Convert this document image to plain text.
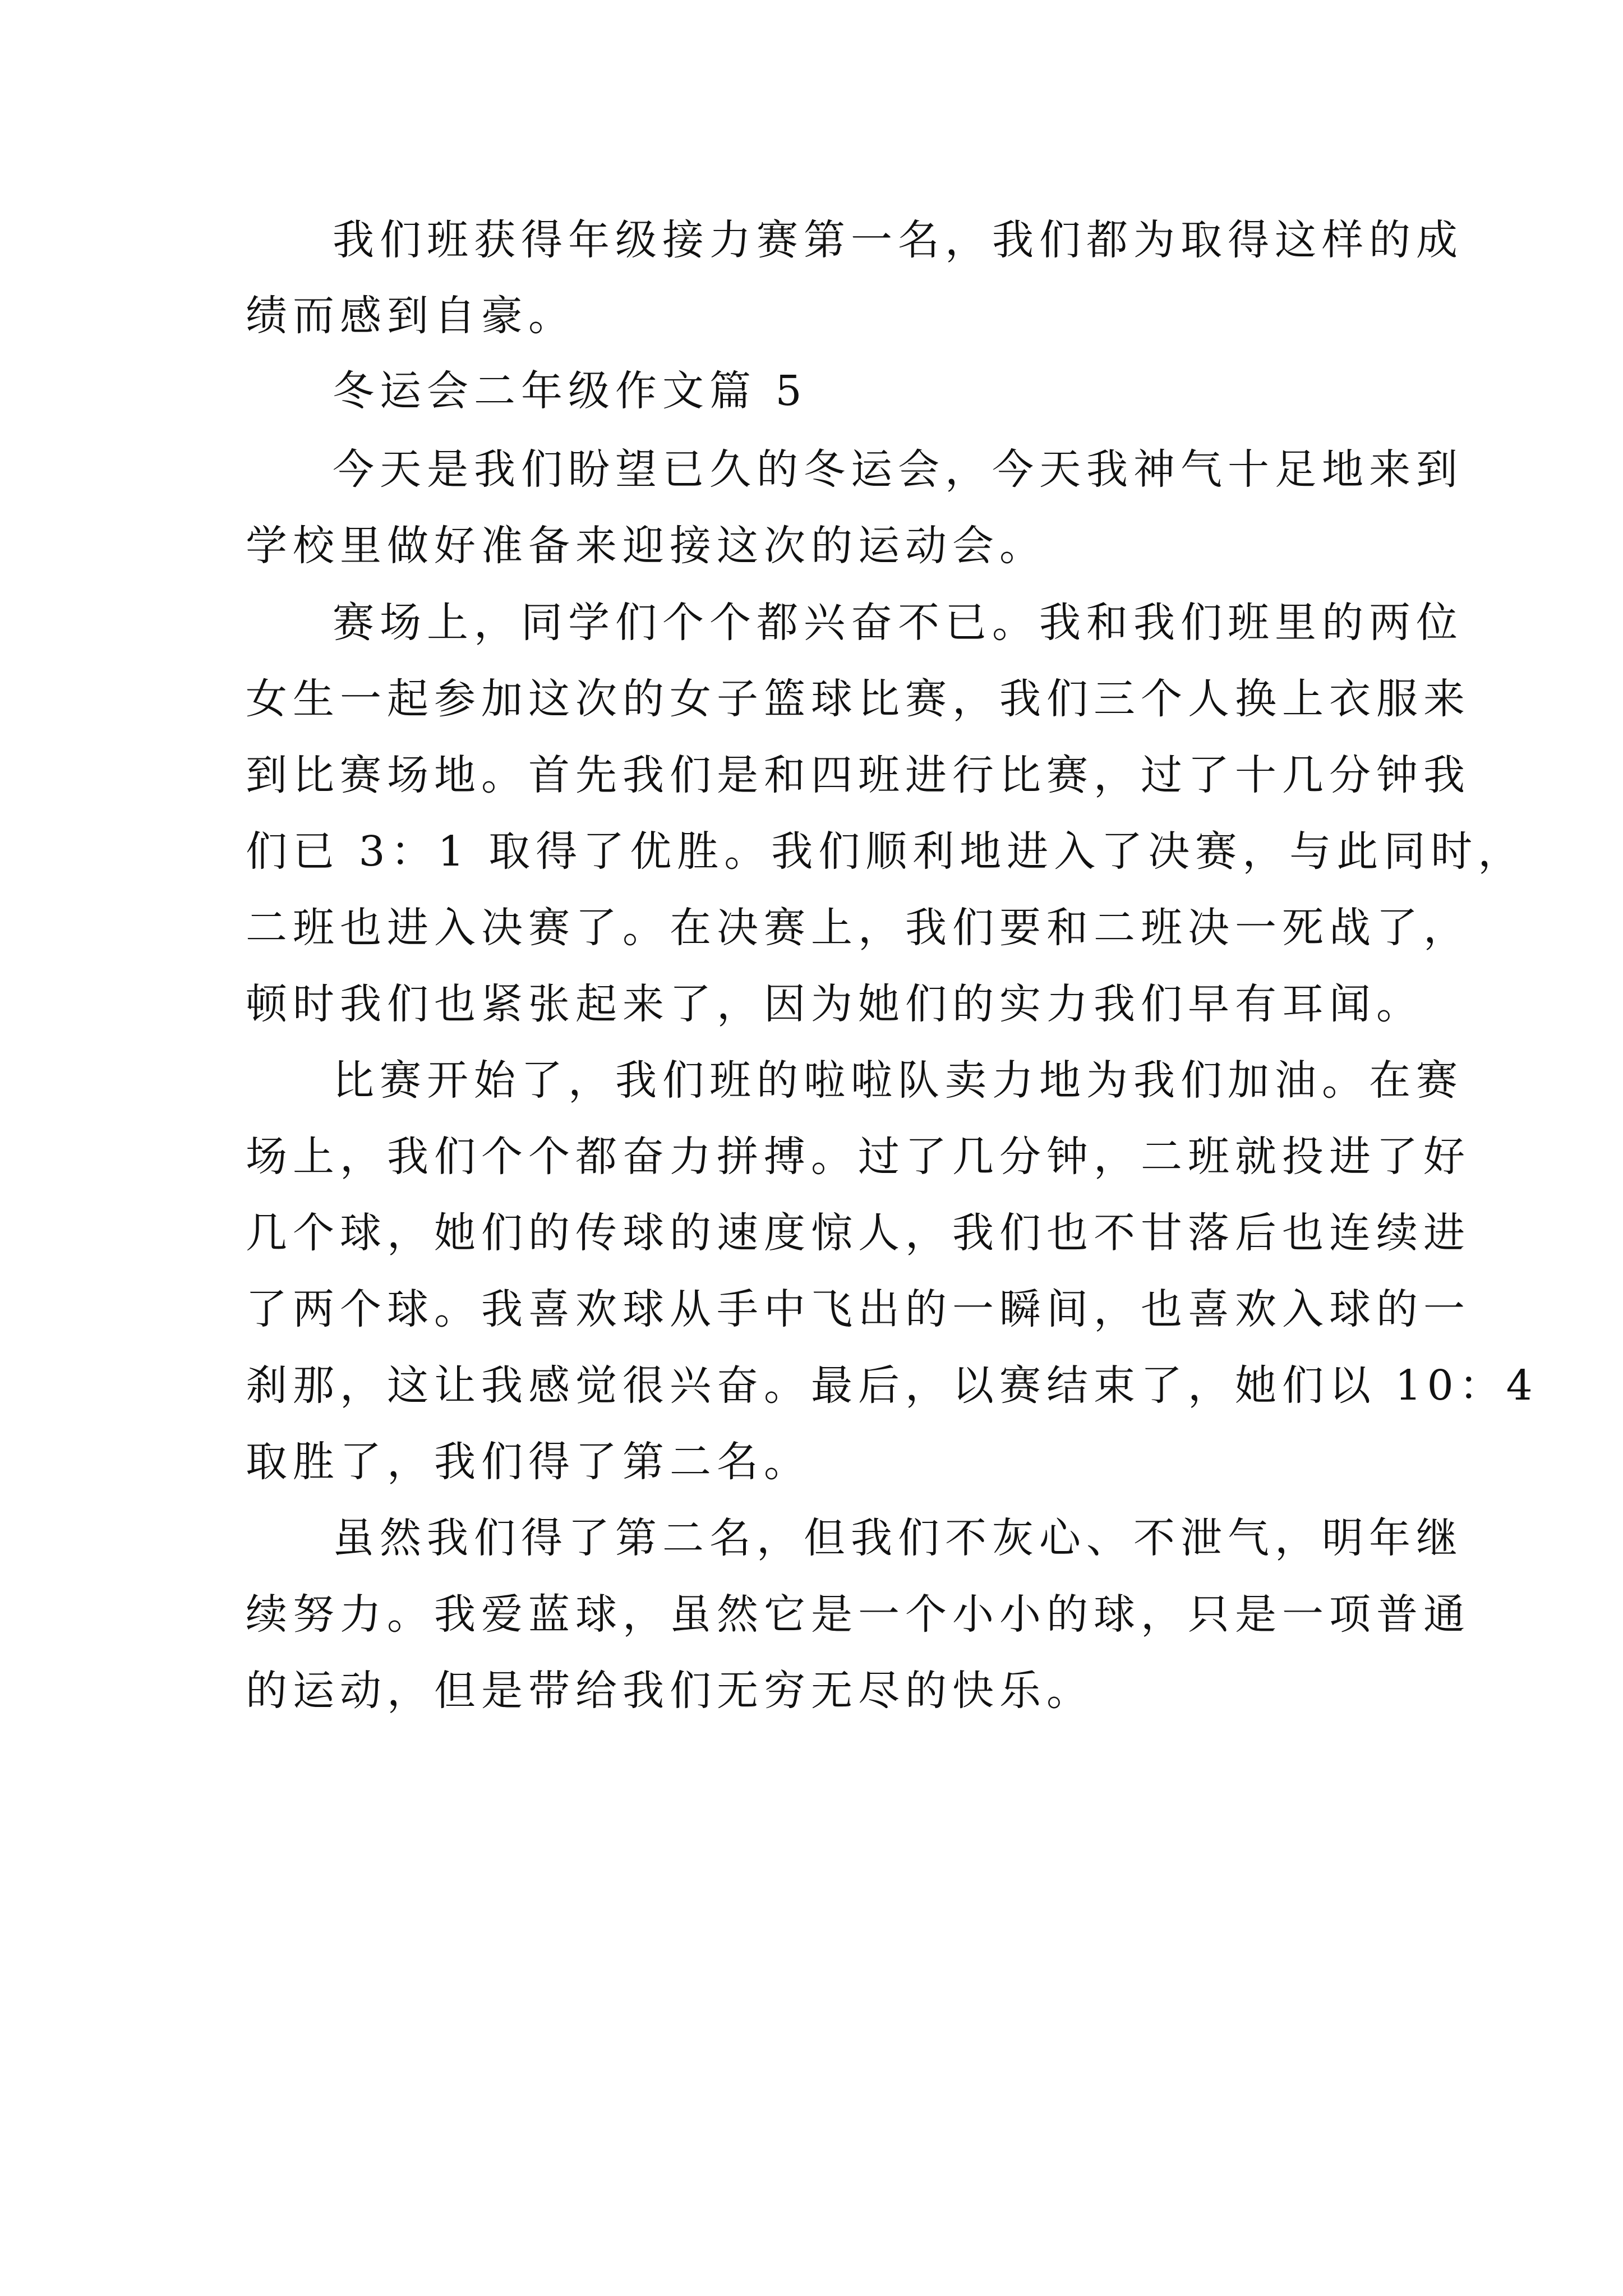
我们班获得年级接力赛第一名，我们都为取得这样的成

绩而感到自豪。

冬运会二年级作文篇 5

今天是我们盼望已久的冬运会，今天我神气十足地来到

学校里做好准备来迎接这次的运动会。

赛场上，同学们个个都兴奋不已。我和我们班里的两位

女生一起参加这次的女子篮球比赛，我们三个人换上衣服来

到比赛场地。首先我们是和四班进行比赛，过了十几分钟我

们已 3：1 取得了优胜。我们顺利地进入了决赛，与此同时，

二班也进入决赛了。在决赛上，我们要和二班决一死战了，

顿时我们也紧张起来了，因为她们的实力我们早有耳闻。

比赛开始了，我们班的啦啦队卖力地为我们加油。在赛

场上，我们个个都奋力拼搏。过了几分钟，二班就投进了好

几个球，她们的传球的速度惊人，我们也不甘落后也连续进

了两个球。我喜欢球从手中飞出的一瞬间，也喜欢入球的一

刹那，这让我感觉很兴奋。最后，以赛结束了，她们以 10：4

取胜了，我们得了第二名。

虽然我们得了第二名，但我们不灰心、不泄气，明年继

续努力。我爱蓝球，虽然它是一个小小的球，只是一项普通

的运动，但是带给我们无穷无尽的快乐。
